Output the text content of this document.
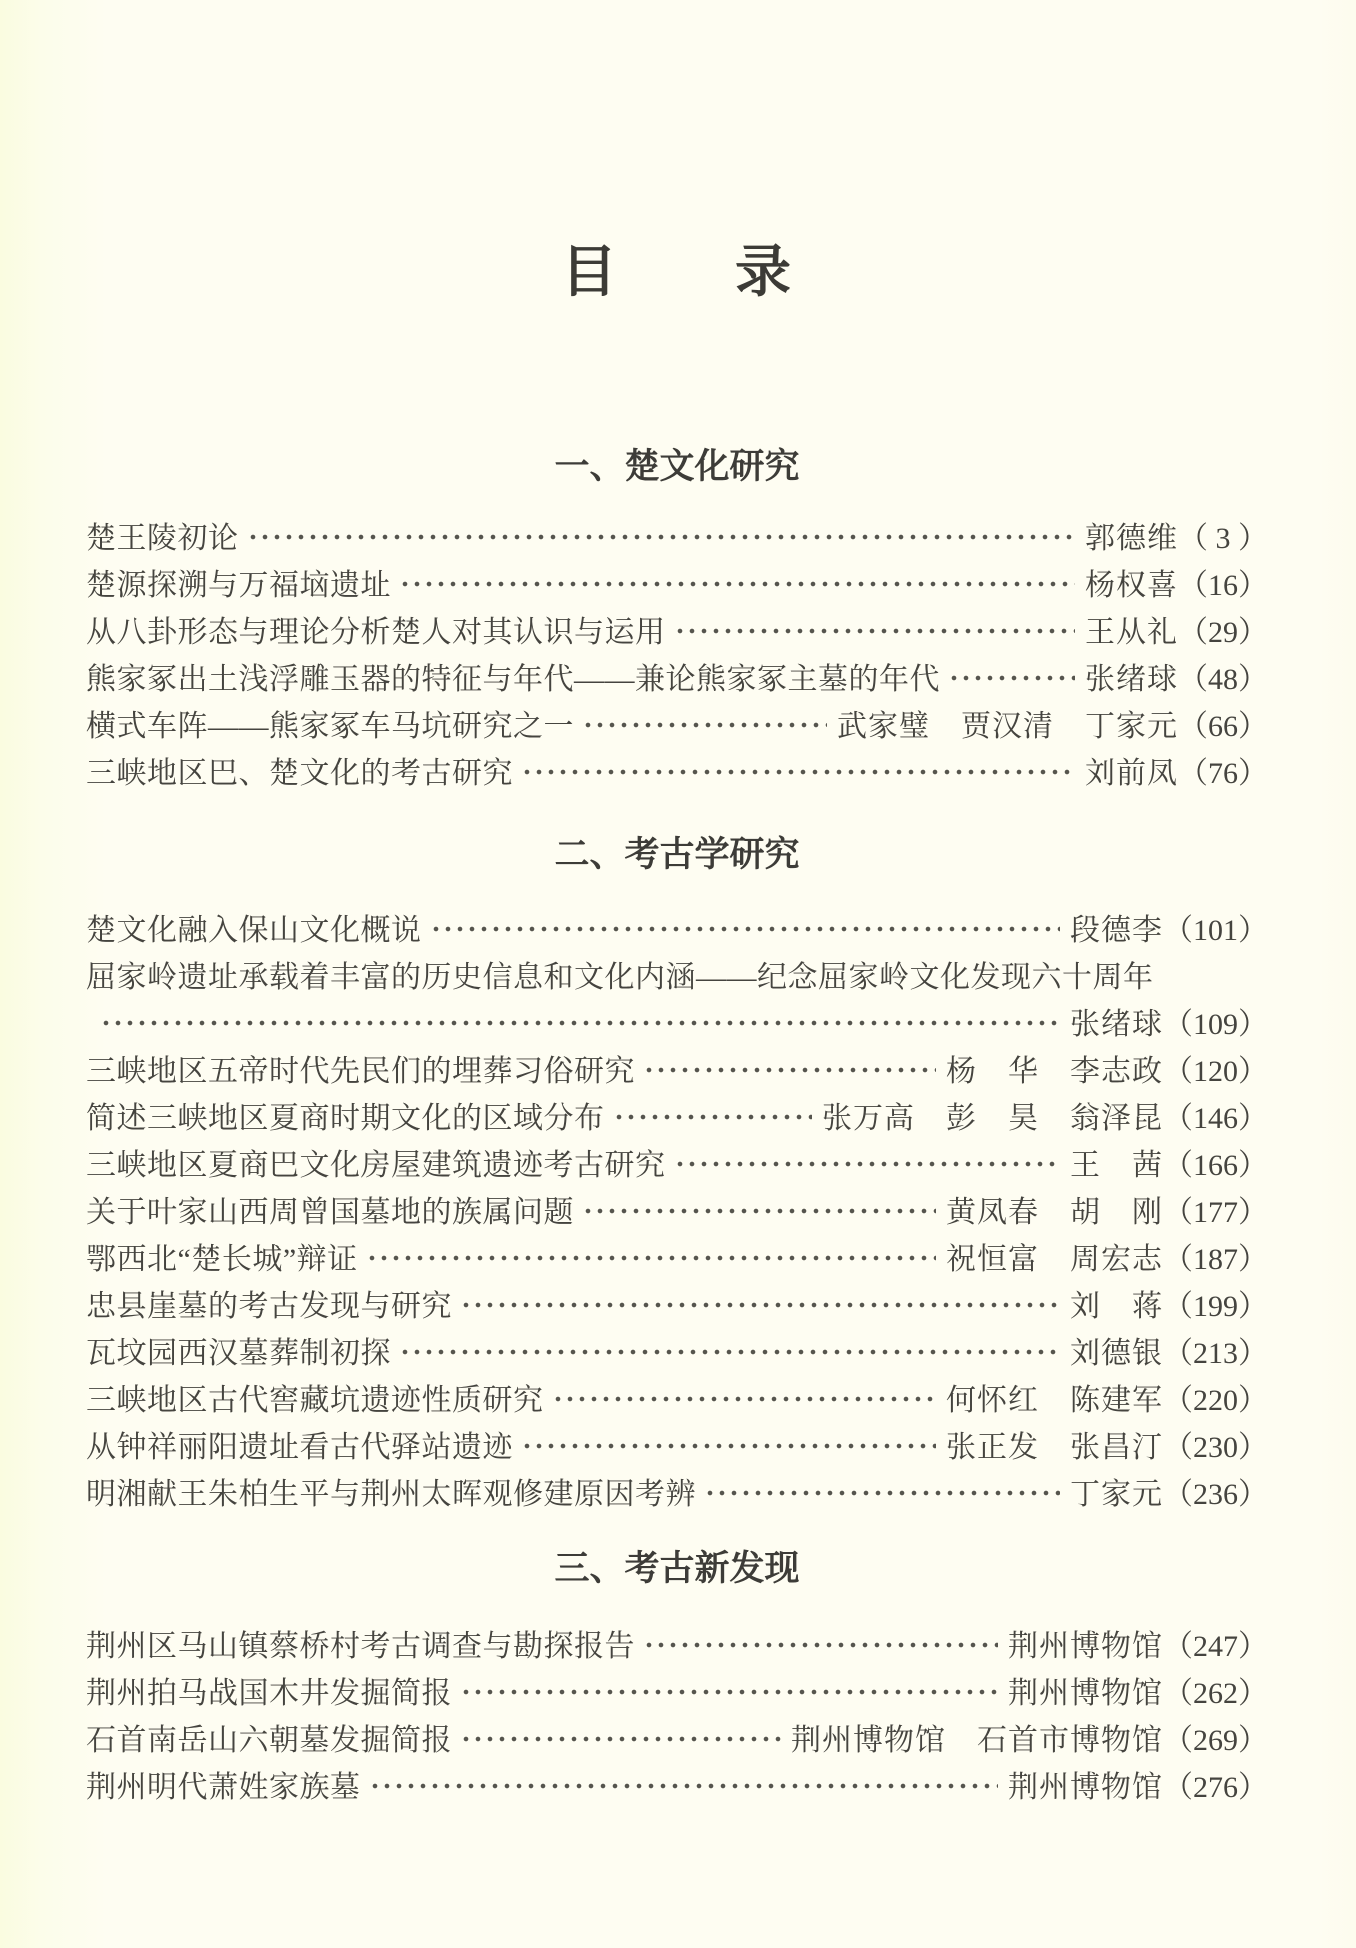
目　　录
一、楚文化研究
楚王陵初论	郭德维 （ 3 ）
楚源探溯与万福垴遗址	杨权喜 （16）
从八卦形态与理论分析楚人对其认识与运用	王从礼 （29）
熊家冢出土浅浮雕玉器的特征与年代——兼论熊家冢主墓的年代	张绪球 （48）
横式车阵——熊家冢车马坑研究之一	武家璧　贾汉清　丁家元 （66）
三峡地区巴、楚文化的考古研究	刘前凤 （76）
二、考古学研究
楚文化融入保山文化概说	段德李 （101）
屈家岭遗址承载着丰富的历史信息和文化内涵——纪念屈家岭文化发现六十周年
张绪球 （109）
三峡地区五帝时代先民们的埋葬习俗研究	杨　华　李志政 （120）
简述三峡地区夏商时期文化的区域分布	张万高　彭　昊　翁泽昆 （146）
三峡地区夏商巴文化房屋建筑遗迹考古研究	王　茜 （166）
关于叶家山西周曾国墓地的族属问题	黄凤春　胡　刚 （177）
鄂西北“楚长城”辩证	祝恒富　周宏志 （187）
忠县崖墓的考古发现与研究	刘　蒋 （199）
瓦坟园西汉墓葬制初探	刘德银 （213）
三峡地区古代窖藏坑遗迹性质研究	何怀红　陈建军 （220）
从钟祥丽阳遗址看古代驿站遗迹	张正发　张昌汀 （230）
明湘献王朱柏生平与荆州太晖观修建原因考辨	丁家元 （236）
三、考古新发现
荆州区马山镇蔡桥村考古调查与勘探报告	荆州博物馆 （247）
荆州拍马战国木井发掘简报	荆州博物馆 （262）
石首南岳山六朝墓发掘简报	荆州博物馆　石首市博物馆 （269）
荆州明代萧姓家族墓	荆州博物馆 （276）
